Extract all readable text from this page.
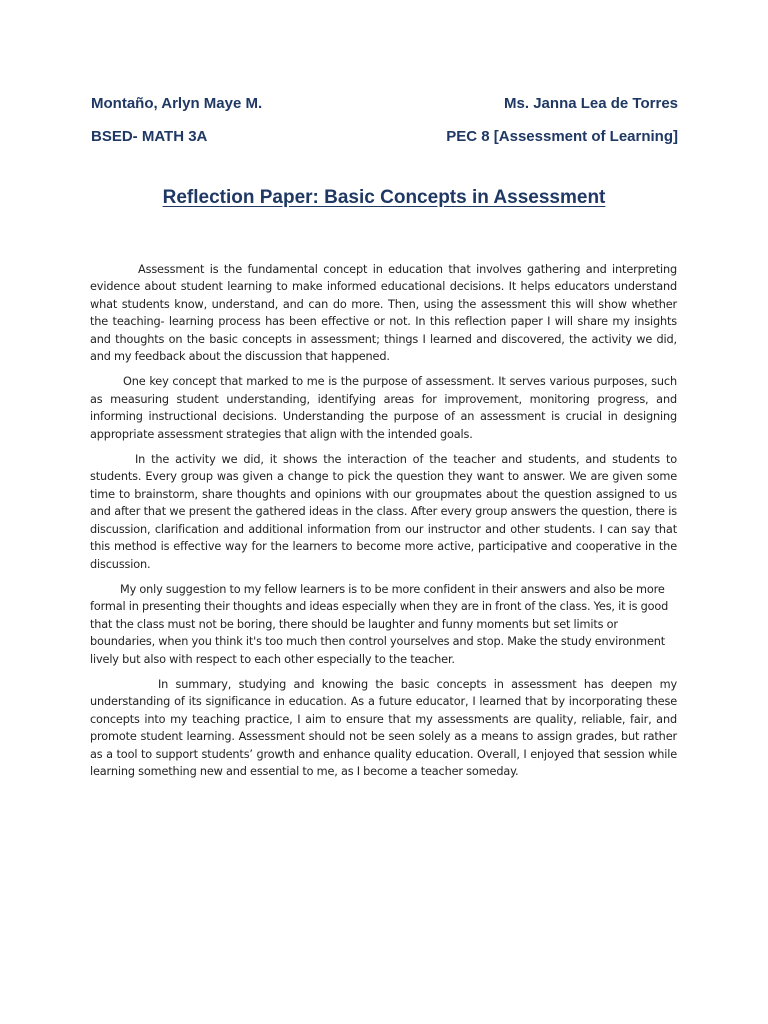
Montaño, Arlyn Maye M.	Ms. Janna Lea de Torres
BSED- MATH 3A	PEC 8 [Assessment of Learning]
Reflection Paper: Basic Concepts in Assessment

Assessment is the fundamental concept in education that involves gathering and interpreting evidence about student learning to make informed educational decisions. It helps educators understand what students know, understand, and can do more. Then, using the assessment this will show whether the teaching- learning process has been effective or not. In this reflection paper I will share my insights and thoughts on the basic concepts in assessment; things I learned and discovered, the activity we did, and my feedback about the discussion that happened.

One key concept that marked to me is the purpose of assessment. It serves various purposes, such as measuring student understanding, identifying areas for improvement, monitoring progress, and informing instructional decisions. Understanding the purpose of an assessment is crucial in designing appropriate assessment strategies that align with the intended goals.

In the activity we did, it shows the interaction of the teacher and students, and students to students. Every group was given a change to pick the question they want to answer. We are given some time to brainstorm, share thoughts and opinions with our groupmates about the question assigned to us and after that we present the gathered ideas in the class. After every group answers the question, there is discussion, clarification and additional information from our instructor and other students. I can say that this method is effective way for the learners to become more active, participative and cooperative in the discussion.

My only suggestion to my fellow learners is to be more confident in their answers and also be more formal in presenting their thoughts and ideas especially when they are in front of the class. Yes, it is good that the class must not be boring, there should be laughter and funny moments but set limits or boundaries, when you think it's too much then control yourselves and stop. Make the study environment lively but also with respect to each other especially to the teacher.

In summary, studying and knowing the basic concepts in assessment has deepen my understanding of its significance in education. As a future educator, I learned that by incorporating these concepts into my teaching practice, I aim to ensure that my assessments are quality, reliable, fair, and promote student learning. Assessment should not be seen solely as a means to assign grades, but rather as a tool to support students’ growth and enhance quality education. Overall, I enjoyed that session while learning something new and essential to me, as I become a teacher someday.
